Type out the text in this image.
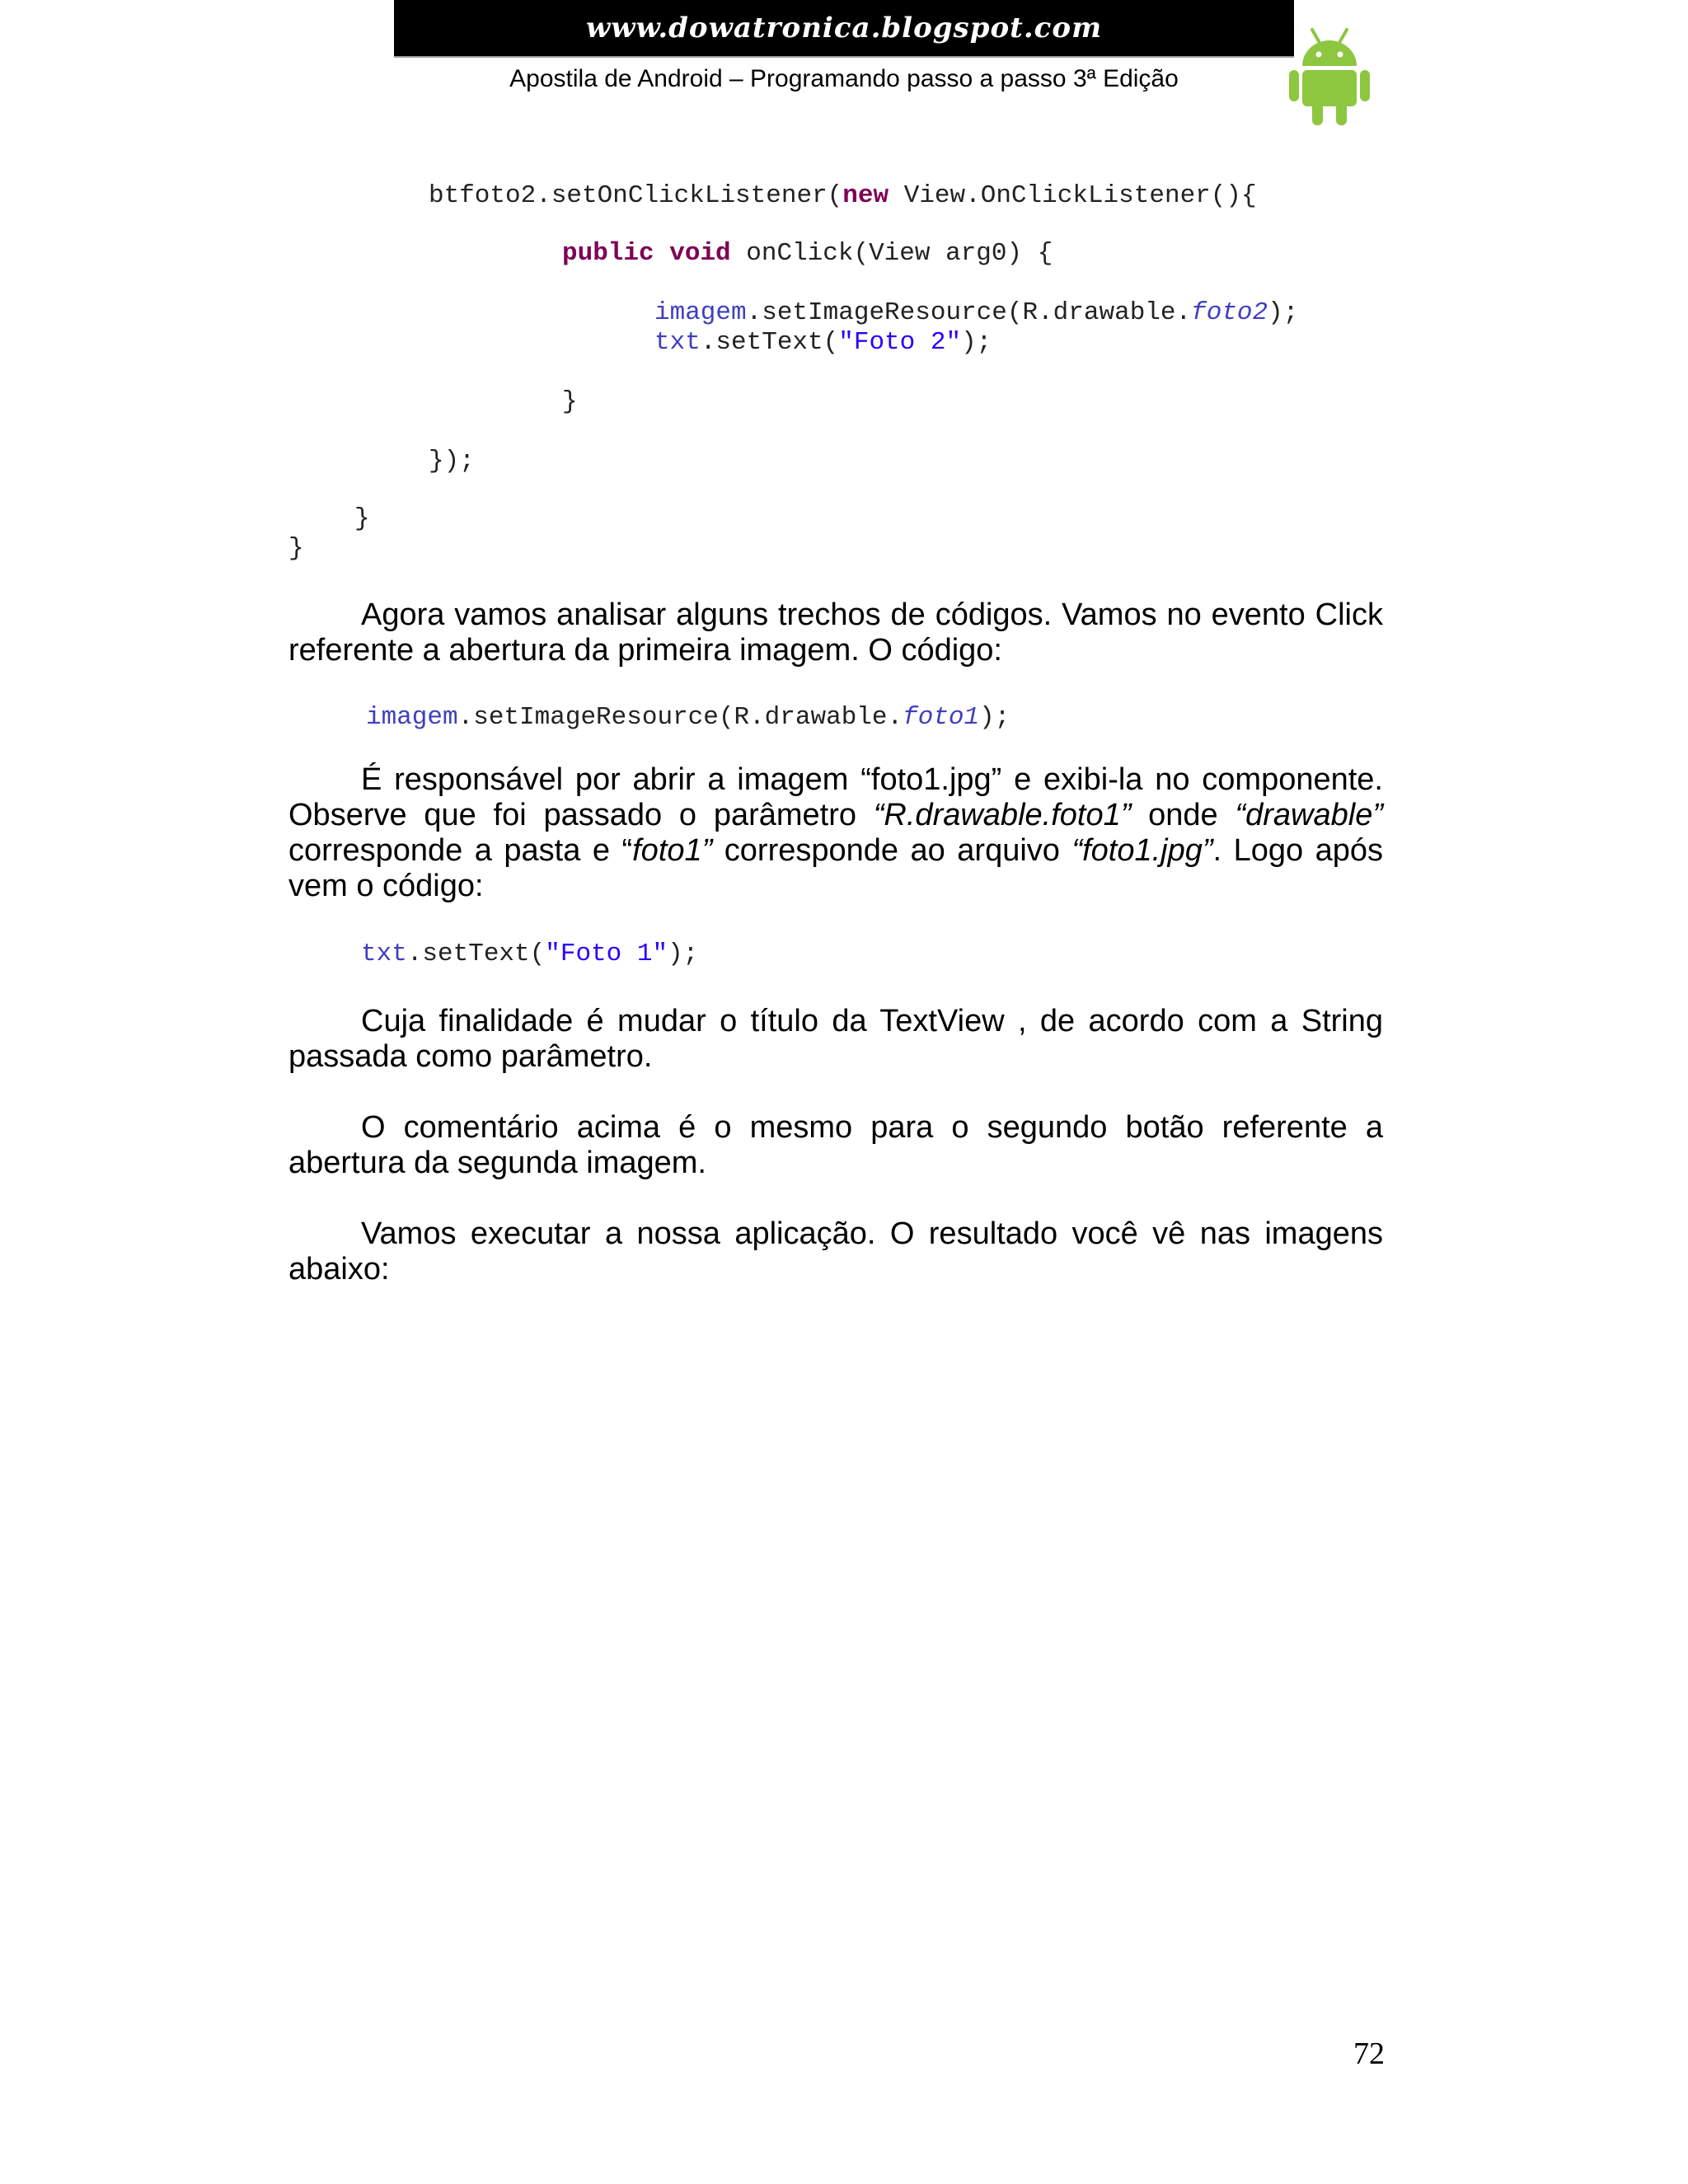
www.dowatronica.blogspot.com
Apostila de Android – Programando passo a passo 3ª Edição
btfoto2.setOnClickListener(new View.OnClickListener(){
public void onClick(View arg0) {
imagem.setImageResource(R.drawable.foto2);
txt.setText("Foto 2");
}
});
}
}
Agora vamos analisar alguns trechos de códigos. Vamos no evento Click referente a abertura da primeira imagem. O código:
imagem.setImageResource(R.drawable.foto1);
É responsável por abrir a imagem “foto1.jpg” e exibi-la no componente. Observe que foi passado o parâmetro “R.drawable.foto1” onde “drawable” corresponde a pasta e “foto1” corresponde ao arquivo “foto1.jpg”. Logo após vem o código:
txt.setText("Foto 1");
Cuja finalidade é mudar o título da TextView , de acordo com a String passada como parâmetro.
O comentário acima é o mesmo para o segundo botão referente a abertura da segunda imagem.
Vamos executar a nossa aplicação. O resultado você vê nas imagens abaixo:
72
